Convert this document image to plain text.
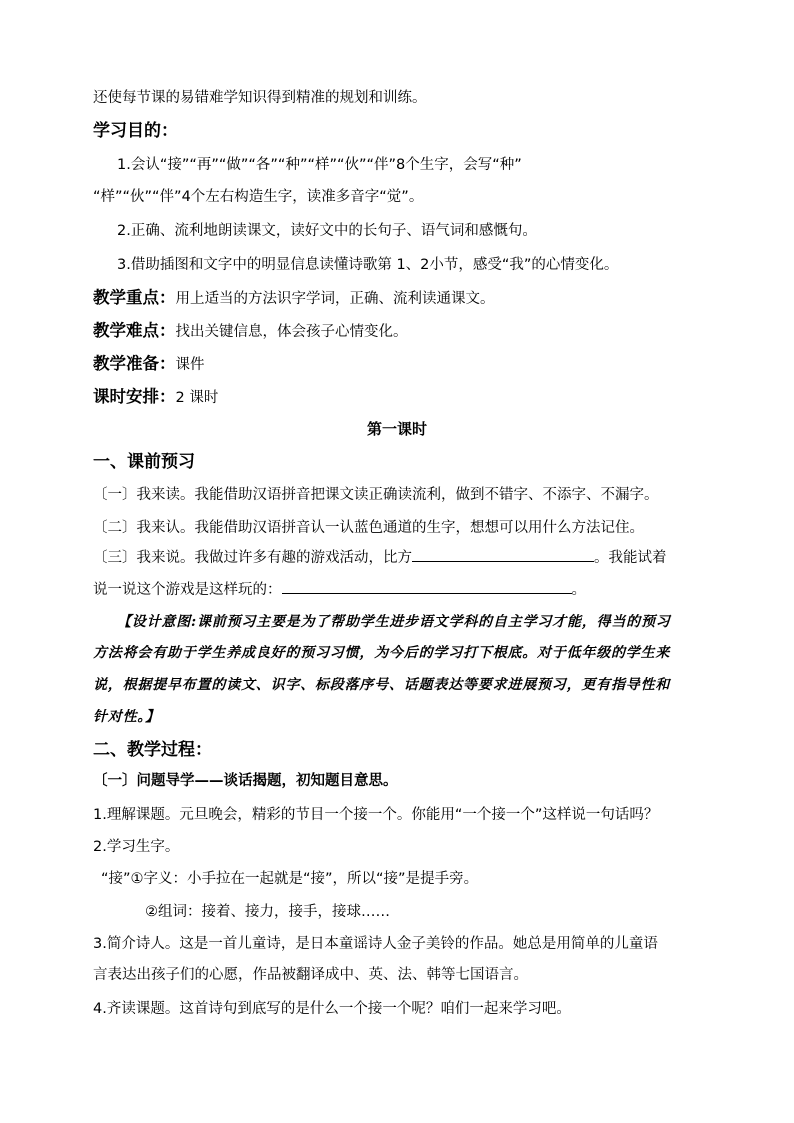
还使每节课的易错难学知识得到精准的规划和训练。
学习目的：
1.会认“接”“再”“做”“各”“种”“样”“伙”“伴”8个生字，会写“种”
“样”“伙”“伴”4个左右构造生字，读准多音字“觉”。
2.正确、流利地朗读课文，读好文中的长句子、语气词和感慨句。
3.借助插图和文字中的明显信息读懂诗歌第 1、2小节，感受“我”的心情变化。
教学重点：用上适当的方法识字学词，正确、流利读通课文。
教学难点：找出关键信息，体会孩子心情变化。
教学准备：课件
课时安排：2 课时
第一课时
一、课前预习
〔一〕我来读。我能借助汉语拼音把课文读正确读流利，做到不错字、不添字、不漏字。
〔二〕我来认。我能借助汉语拼音认一认蓝色通道的生字，想想可以用什么方法记住。
〔三〕我来说。我做过许多有趣的游戏活动，比方	。我能试着
说一说这个游戏是这样玩的：	。
【设计意图:课前预习主要是为了帮助学生进步语文学科的自主学习才能，得当的预习
方法将会有助于学生养成良好的预习习惯，为今后的学习打下根底。对于低年级的学生来
说，根据提早布置的读文、识字、标段落序号、话题表达等要求进展预习，更有指导性和
针对性。】
二、教学过程：
〔一〕问题导学——谈话揭题，初知题目意思。
1.理解课题。元旦晚会，精彩的节目一个接一个。你能用“一个接一个”这样说一句话吗？
2.学习生字。
“接”①字义：小手拉在一起就是“接”，所以“接”是提手旁。
②组词：接着、接力，接手，接球……
3.简介诗人。这是一首儿童诗，是日本童谣诗人金子美铃的作品。她总是用简单的儿童语
言表达出孩子们的心愿，作品被翻译成中、英、法、韩等七国语言。
4.齐读课题。这首诗句到底写的是什么一个接一个呢？咱们一起来学习吧。
